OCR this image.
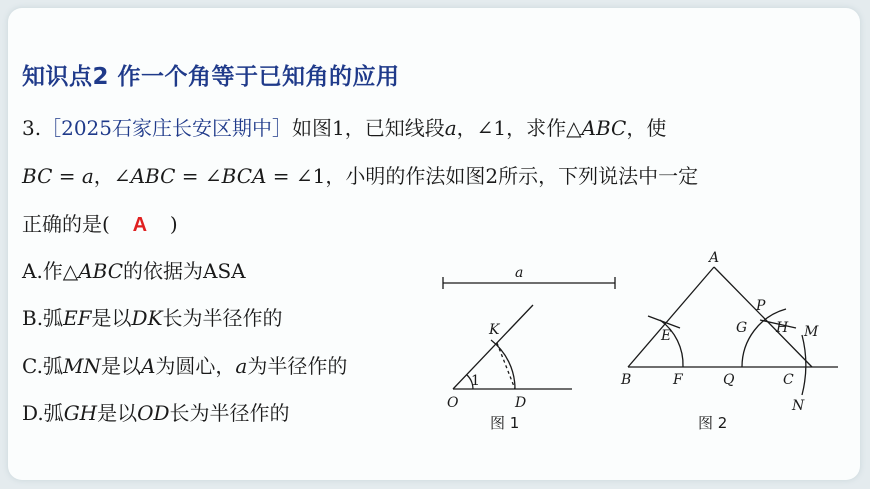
知识点2 作一个角等于已知角的应用
3.［2025石家庄长安区期中］如图1，已知线段a，∠1，求作△ABC，使
BC = a，∠ABC = ∠BCA = ∠1，小明的作法如图2所示，下列说法中一定
正确的是( A )
A.作△ABC的依据为ASA
B.弧EF是以DK长为半径作的
C.弧MN是以A为圆心，a为半径作的
D.弧GH是以OD长为半径作的
a
K
O	D
1
图 1
A
B	C
E
F
G H
P
Q
M
N
图 2
